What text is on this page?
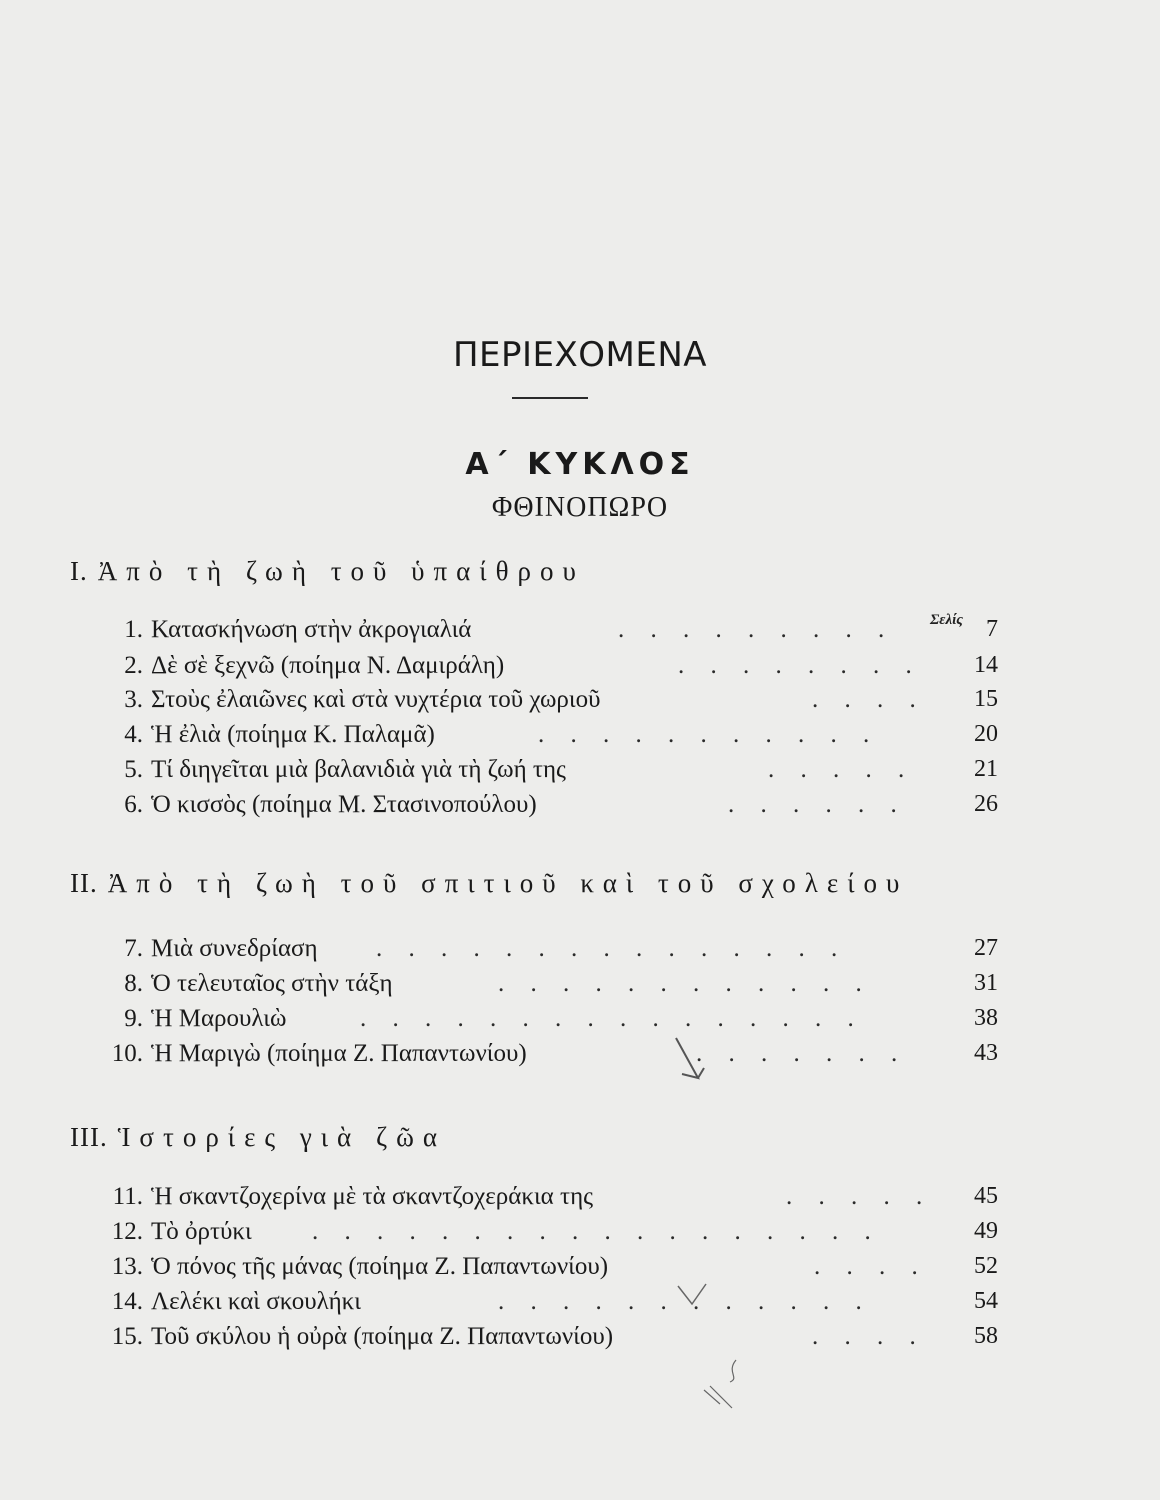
ΠΕΡΙΕΧΟΜΕΝΑ
Α΄ ΚΥΚΛΟΣ
ΦΘΙΝΟΠΩΡΟ
I. Ἀπὸ τὴ ζωὴ τοῦ ὑπαίθρου
Σελίς
1. Κατασκήνωση στὴν ἀκρογιαλιά	. . . . . . . . .	7
2. Δὲ σὲ ξεχνῶ (ποίημα Ν. Δαμιράλη)	. . . . . . . .	14
3. Στοὺς ἐλαιῶνες καὶ στὰ νυχτέρια τοῦ χωριοῦ	. . . .	15
4. Ἡ ἐλιὰ (ποίημα Κ. Παλαμᾶ)	. . . . . . . . . . .	20
5. Τί διηγεῖται μιὰ βαλανιδιὰ γιὰ τὴ ζωή της	. . . . .	21
6. Ὁ κισσὸς (ποίημα Μ. Στασινοπούλου)	. . . . . .	26
II. Ἀπὸ τὴ ζωὴ τοῦ σπιτιοῦ καὶ τοῦ σχολείου
7. Μιὰ συνεδρίαση . . . . . . . . . . . . . . .	27
8. Ὁ τελευταῖος στὴν τάξη	. . . . . . . . . . . .	31
9. Ἡ Μαρουλιὼ	. . . . . . . . . . . . . . . .	38
10. Ἡ Μαριγὼ (ποίημα Ζ. Παπαντωνίου)	. . . . . . .	43
III. Ἱστορίες γιὰ ζῶα
11. Ἡ σκαντζοχερίνα μὲ τὰ σκαντζοχεράκια της	. . . . .	45
12. Τὸ ὀρτύκι . . . . . . . . . . . . . . . . . .	49
13. Ὁ πόνος τῆς μάνας (ποίημα Ζ. Παπαντωνίου)	. . . .	52
14. Λελέκι καὶ σκουλήκι	. . . . . . . . . . . .	54
15. Τοῦ σκύλου ἡ οὐρὰ (ποίημα Ζ. Παπαντωνίου)	. . . .	58
